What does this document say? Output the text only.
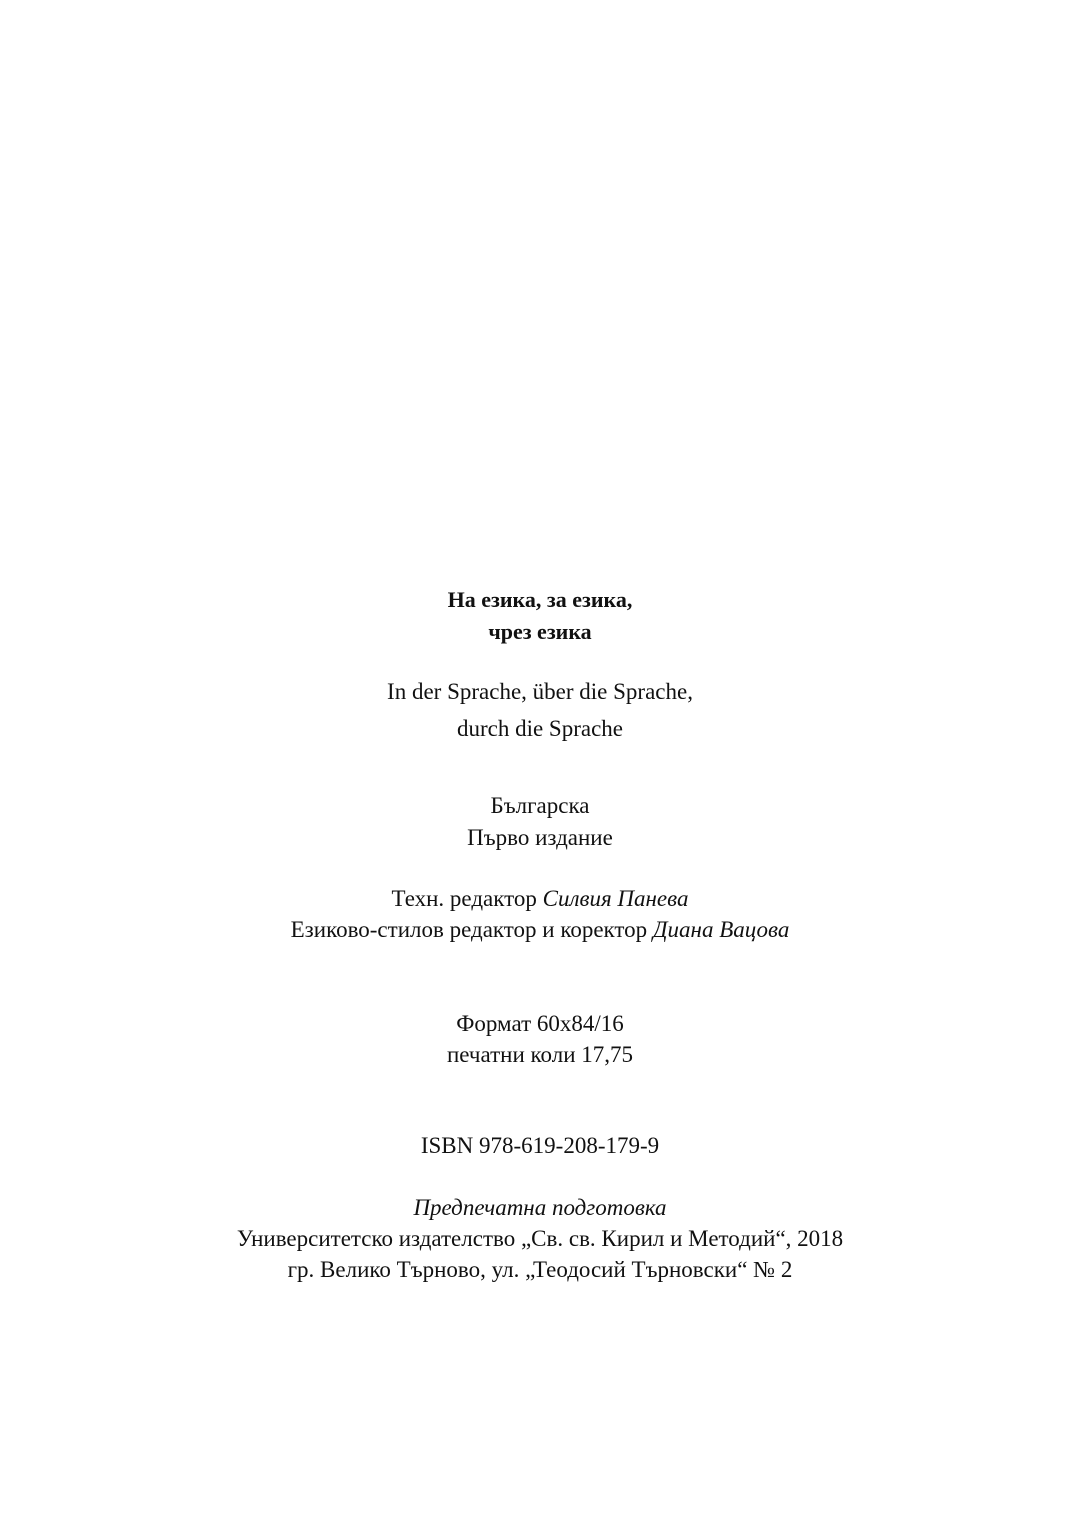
На езика, за езика,
чрез езика
In der Sprache, über die Sprache,
durch die Sprache
Българска
Първо издание
Техн. редактор Силвия Панева
Езиково-стилов редактор и коректор Диана Вацова
Формат 60x84/16
печатни коли 17,75
ISBN 978-619-208-179-9
Предпечатна подготовка
Университетско издателство „Св. св. Кирил и Методий“, 2018
гр. Велико Търново, ул. „Теодосий Търновски“ № 2
